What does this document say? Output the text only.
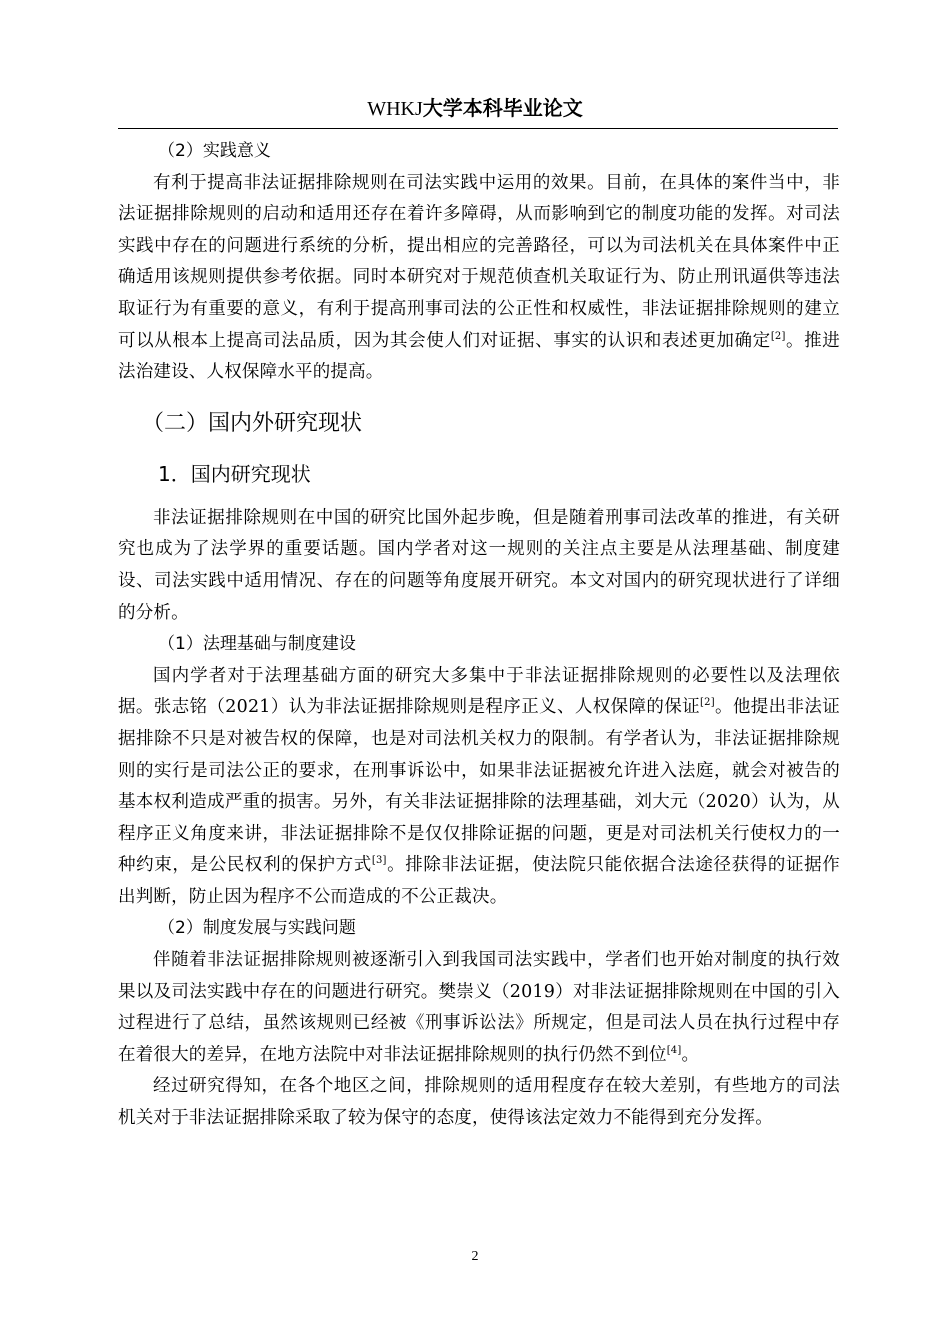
WHKJ大学本科毕业论文
（2）实践意义

有利于提高非法证据排除规则在司法实践中运用的效果。目前，在具体的案件当中，非法证据排除规则的启动和适用还存在着许多障碍，从而影响到它的制度功能的发挥。对司法实践中存在的问题进行系统的分析，提出相应的完善路径，可以为司法机关在具体案件中正确适用该规则提供参考依据。同时本研究对于规范侦查机关取证行为、防止刑讯逼供等违法取证行为有重要的意义，有利于提高刑事司法的公正性和权威性，非法证据排除规则的建立可以从根本上提高司法品质，因为其会使人们对证据、事实的认识和表述更加确定[2]。推进法治建设、人权保障水平的提高。

（二）国内外研究现状
1．国内研究现状

非法证据排除规则在中国的研究比国外起步晚，但是随着刑事司法改革的推进，有关研究也成为了法学界的重要话题。国内学者对这一规则的关注点主要是从法理基础、制度建设、司法实践中适用情况、存在的问题等角度展开研究。本文对国内的研究现状进行了详细的分析。

（1）法理基础与制度建设

国内学者对于法理基础方面的研究大多集中于非法证据排除规则的必要性以及法理依据。张志铭（2021）认为非法证据排除规则是程序正义、人权保障的保证[2]。他提出非法证据排除不只是对被告权的保障，也是对司法机关权力的限制。有学者认为，非法证据排除规则的实行是司法公正的要求，在刑事诉讼中，如果非法证据被允许进入法庭，就会对被告的基本权利造成严重的损害。另外，有关非法证据排除的法理基础，刘大元（2020）认为，从程序正义角度来讲，非法证据排除不是仅仅排除证据的问题，更是对司法机关行使权力的一种约束，是公民权利的保护方式[3]。排除非法证据，使法院只能依据合法途径获得的证据作出判断，防止因为程序不公而造成的不公正裁决。

（2）制度发展与实践问题

伴随着非法证据排除规则被逐渐引入到我国司法实践中，学者们也开始对制度的执行效果以及司法实践中存在的问题进行研究。樊崇义（2019）对非法证据排除规则在中国的引入过程进行了总结，虽然该规则已经被《刑事诉讼法》所规定，但是司法人员在执行过程中存在着很大的差异，在地方法院中对非法证据排除规则的执行仍然不到位[4]。

经过研究得知，在各个地区之间，排除规则的适用程度存在较大差别，有些地方的司法机关对于非法证据排除采取了较为保守的态度，使得该法定效力不能得到充分发挥。

2
